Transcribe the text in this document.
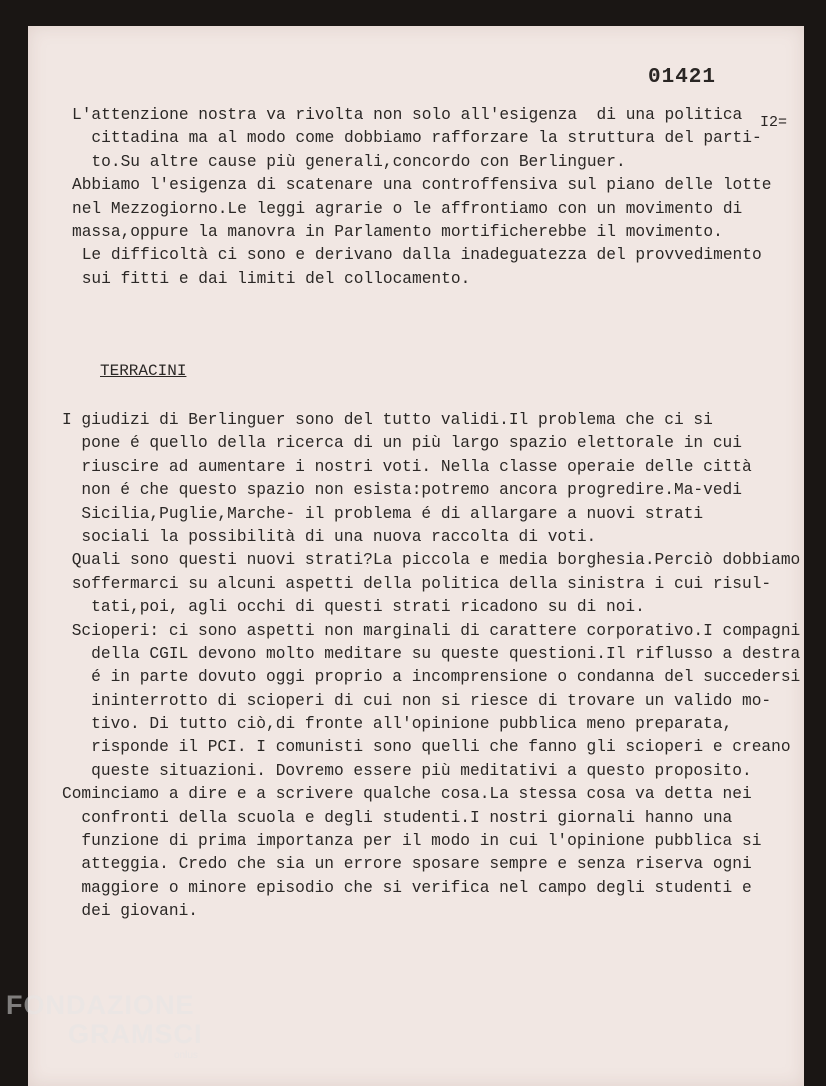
01421
I2=
L'attenzione nostra va rivolta non solo all'esigenza  di una politica
cittadina ma al modo come dobbiamo rafforzare la struttura del parti-
to.Su altre cause più generali,concordo con Berlinguer.
Abbiamo l'esigenza di scatenare una controffensiva sul piano delle lotte
nel Mezzogiorno.Le leggi agrarie o le affrontiamo con un movimento di
massa,oppure la manovra in Parlamento mortificherebbe il movimento.
Le difficoltà ci sono e derivano dalla inadeguatezza del provvedimento
sui fitti e dai limiti del collocamento.
TERRACINI
I giudizi di Berlinguer sono del tutto validi.Il problema che ci si
pone é quello della ricerca di un più largo spazio elettorale in cui
riuscire ad aumentare i nostri voti. Nella classe operaie delle città
non é che questo spazio non esista:potremo ancora progredire.Ma-vedi
Sicilia,Puglie,Marche- il problema é di allargare a nuovi strati
sociali la possibilità di una nuova raccolta di voti.
Quali sono questi nuovi strati?La piccola e media borghesia.Perciò dobbiamo
soffermarci su alcuni aspetti della politica della sinistra i cui risul-
tati,poi, agli occhi di questi strati ricadono su di noi.
Scioperi: ci sono aspetti non marginali di carattere corporativo.I compagni
della CGIL devono molto meditare su queste questioni.Il riflusso a destra
é in parte dovuto oggi proprio a incomprensione o condanna del succedersi
ininterrotto di scioperi di cui non si riesce di trovare un valido mo-
tivo. Di tutto ciò,di fronte all'opinione pubblica meno preparata,
risponde il PCI. I comunisti sono quelli che fanno gli scioperi e creano
queste situazioni. Dovremo essere più meditativi a questo proposito.
Cominciamo a dire e a scrivere qualche cosa.La stessa cosa va detta nei
confronti della scuola e degli studenti.I nostri giornali hanno una
funzione di prima importanza per il modo in cui l'opinione pubblica si
atteggia. Credo che sia un errore sposare sempre e senza riserva ogni
maggiore o minore episodio che si verifica nel campo degli studenti e
dei giovani.
FONDAZIONE
GRAMSCI
onlus
